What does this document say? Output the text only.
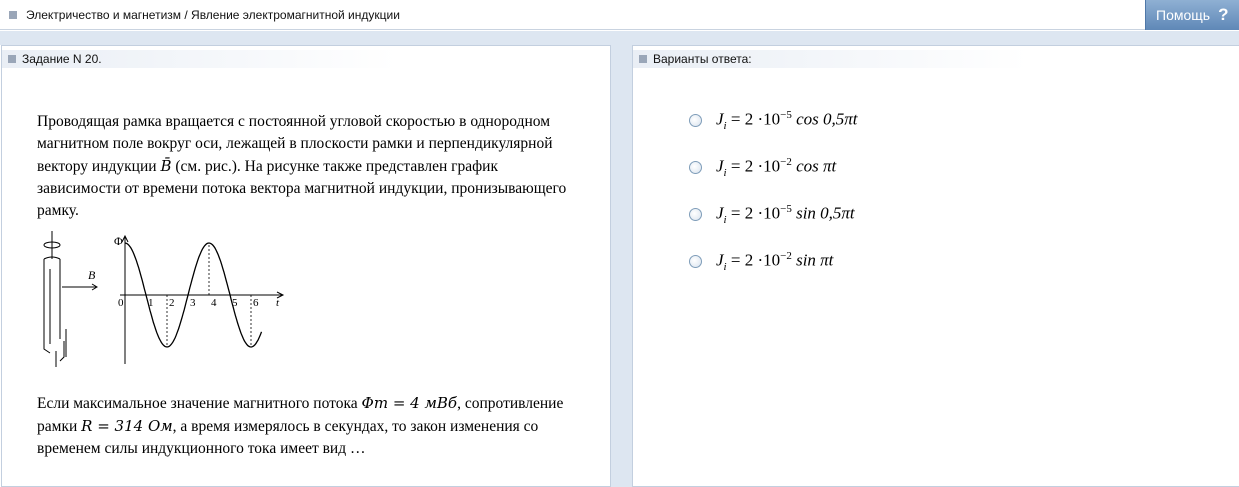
Электричество и магнетизм / Явление электромагнитной индукции	Помощь ?
Задание N 20.
Проводящая рамка вращается с постоянной угловой скоростью в однородном магнитном поле вокруг оси, лежащей в плоскости рамки и перпендикулярной вектору индукции B̄ (см. рис.). На рисунке также представлен график зависимости от времени потока вектора магнитной индукции, пронизывающего рамку.
B⃗
Φ
t
0 1 2 3 4 5 6
Если максимальное значение магнитного потока Φm = 4 мВб, сопротивление рамки R = 314 Ом, а время измерялось в секундах, то закон изменения со временем силы индукционного тока имеет вид …
Варианты ответа:
$J_i = 2 \cdot 10^{-5}$ cos 0,5πt
$J_i = 2 \cdot 10^{-2}$ cos πt
$J_i = 2 \cdot 10^{-5}$ sin 0,5πt
$J_i = 2 \cdot 10^{-2}$ sin πt
